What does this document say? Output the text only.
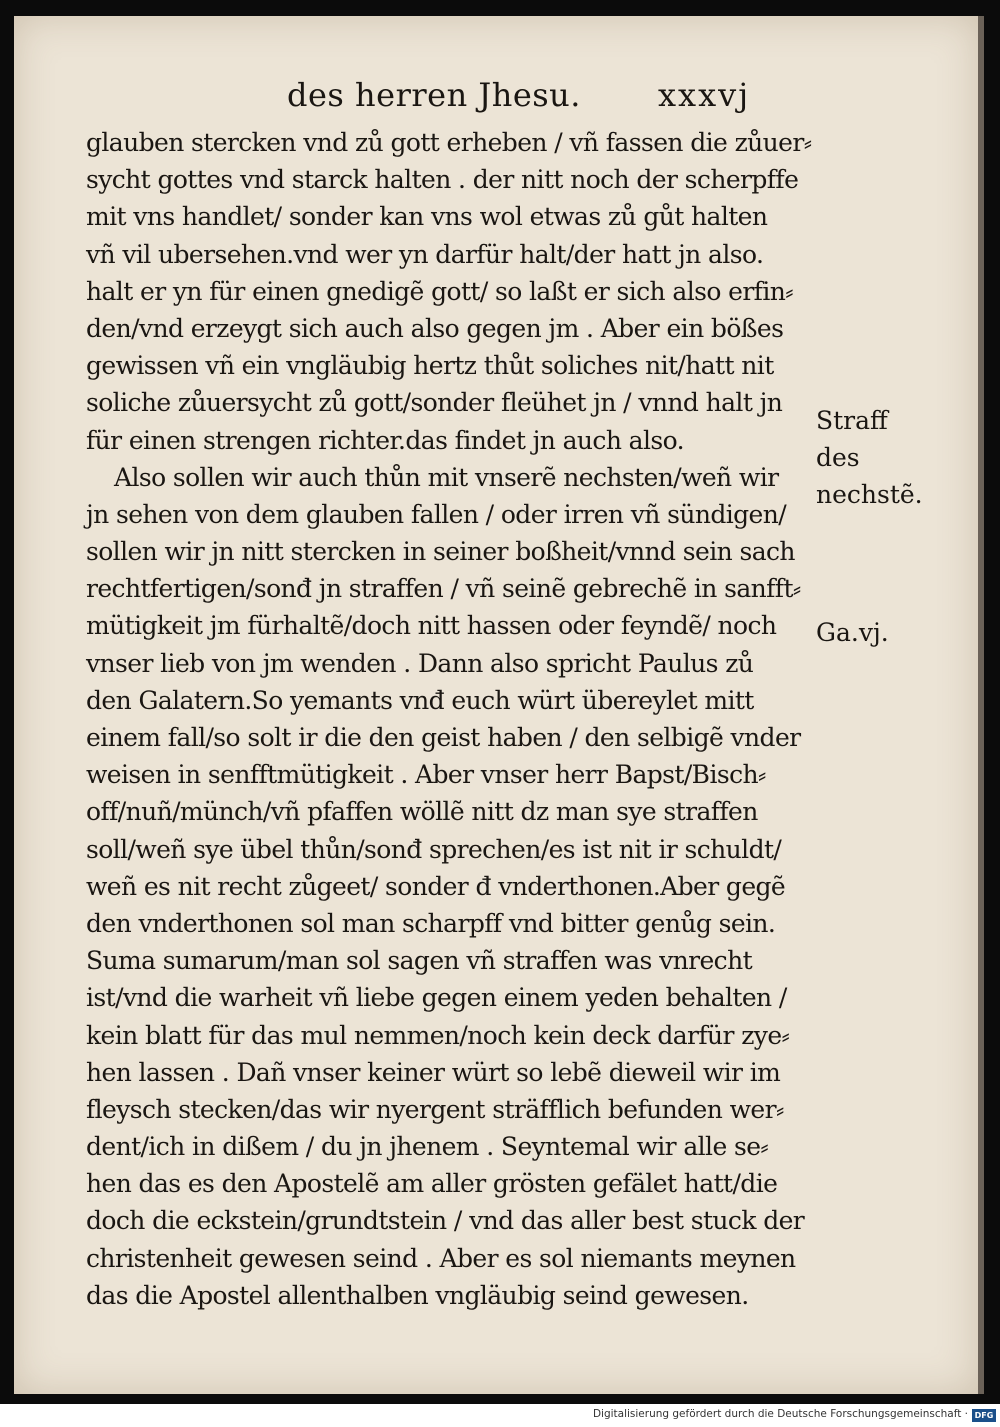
des herren Jhesu. xxxvj
glauben stercken vnd zů gott erheben / vñ fassen die zůuer⸗
sycht gottes vnd starck halten . der nitt noch der scherpffe
mit vns handlet/ sonder kan vns wol etwas zů gůt halten
vñ vil ubersehen.vnd wer yn darfür halt/der hatt jn also.
halt er yn für einen gnedigẽ gott/ so laßt er sich also erfin⸗
den/vnd erzeygt sich auch also gegen jm . Aber ein bößes
gewissen vñ ein vngläubig hertz thůt soliches nit/hatt nit
soliche zůuersycht zů gott/sonder fleühet jn / vnnd halt jn
für einen strengen richter.das findet jn auch also.
Also sollen wir auch thůn mit vnserẽ nechsten/weñ wir
jn sehen von dem glauben fallen / oder irren vñ sündigen/
sollen wir jn nitt stercken in seiner boßheit/vnnd sein sach
rechtfertigen/sonđ jn straffen / vñ seinẽ gebrechẽ in sanfft⸗
mütigkeit jm fürhaltẽ/doch nitt hassen oder feyndẽ/ noch
vnser lieb von jm wenden . Dann also spricht Paulus zů
den Galatern.So yemants vnđ euch würt übereylet mitt
einem fall/so solt ir die den geist haben / den selbigẽ vnder
weisen in senfftmütigkeit . Aber vnser herr Bapst/Bisch⸗
off/nuñ/münch/vñ pfaffen wöllẽ nitt dz man sye straffen
soll/weñ sye übel thůn/sonđ sprechen/es ist nit ir schuldt/
weñ es nit recht zůgeet/ sonder đ vnderthonen.Aber gegẽ
den vnderthonen sol man scharpff vnd bitter genůg sein.
Suma sumarum/man sol sagen vñ straffen was vnrecht
ist/vnd die warheit vñ liebe gegen einem yeden behalten /
kein blatt für das mul nemmen/noch kein deck darfür zye⸗
hen lassen . Dañ vnser keiner würt so lebẽ dieweil wir im
fleysch stecken/das wir nyergent sträfflich befunden wer⸗
dent/ich in dißem / du jn jhenem . Seyntemal wir alle se⸗
hen das es den Apostelẽ am aller grösten gefälet hatt/die
doch die eckstein/grundtstein / vnd das aller best stuck der
christenheit gewesen seind . Aber es sol niemants meynen
das die Apostel allenthalben vngläubig seind gewesen.
Straff
des
nechstẽ.
Ga.vj.
Digitalisierung gefördert durch die Deutsche Forschungsgemeinschaft · DFG
